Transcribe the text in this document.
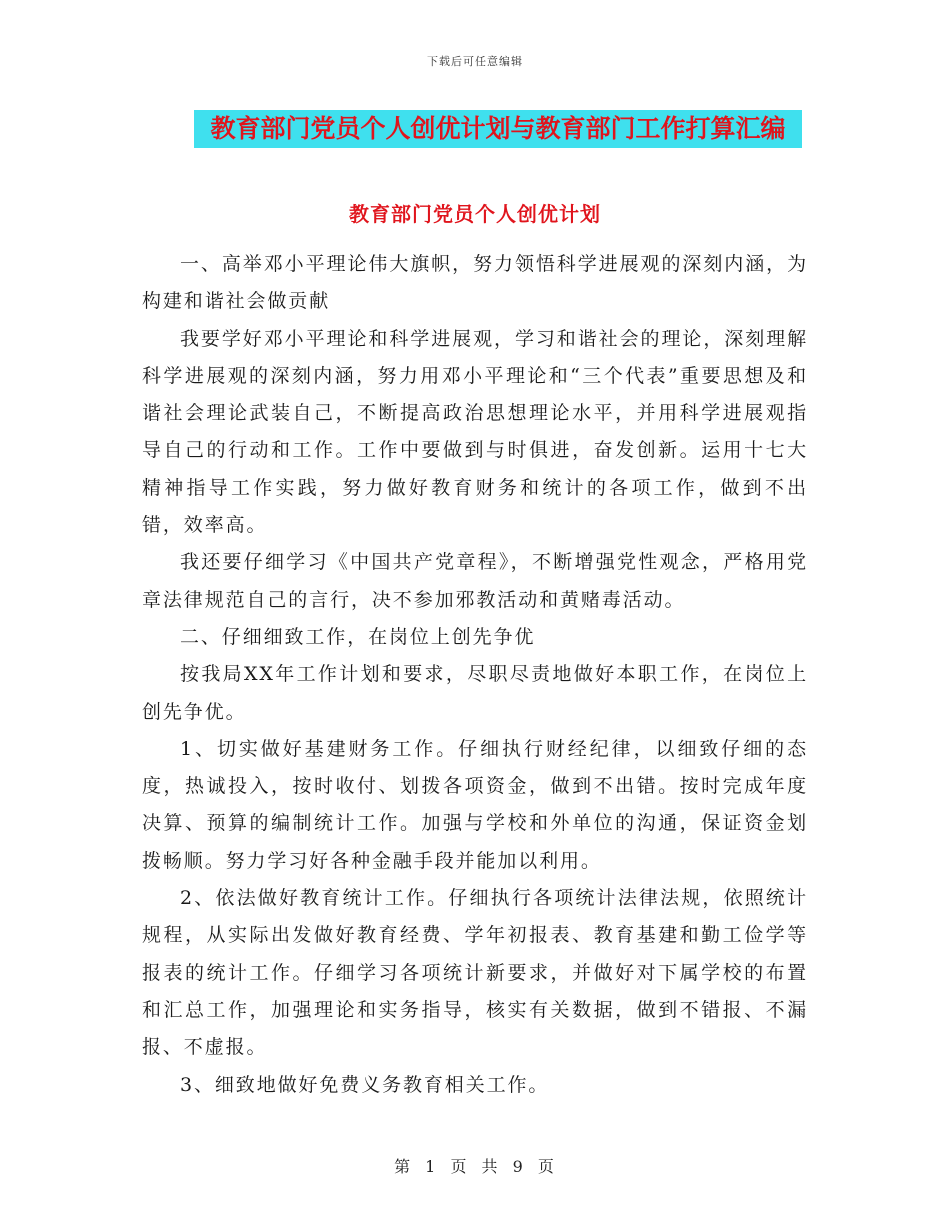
下载后可任意编辑
教育部门党员个人创优计划与教育部门工作打算汇编
教育部门党员个人创优计划

一、高举邓小平理论伟大旗帜，努力领悟科学进展观的深刻内涵，为构建和谐社会做贡献

我要学好邓小平理论和科学进展观，学习和谐社会的理论，深刻理解科学进展观的深刻内涵，努力用邓小平理论和“三个代表”重要思想及和谐社会理论武装自己，不断提高政治思想理论水平，并用科学进展观指导自己的行动和工作。工作中要做到与时俱进，奋发创新。运用十七大精神指导工作实践，努力做好教育财务和统计的各项工作，做到不出错，效率高。

我还要仔细学习《中国共产党章程》，不断增强党性观念，严格用党章法律规范自己的言行，决不参加邪教活动和黄赌毒活动。

二、仔细细致工作，在岗位上创先争优

按我局XX年工作计划和要求，尽职尽责地做好本职工作，在岗位上创先争优。

1、切实做好基建财务工作。仔细执行财经纪律，以细致仔细的态度，热诚投入，按时收付、划拨各项资金，做到不出错。按时完成年度决算、预算的编制统计工作。加强与学校和外单位的沟通，保证资金划拨畅顺。努力学习好各种金融手段并能加以利用。

2、依法做好教育统计工作。仔细执行各项统计法律法规，依照统计规程，从实际出发做好教育经费、学年初报表、教育基建和勤工俭学等报表的统计工作。仔细学习各项统计新要求，并做好对下属学校的布置和汇总工作，加强理论和实务指导，核实有关数据，做到不错报、不漏报、不虚报。

3、细致地做好免费义务教育相关工作。

第 1 页 共 9 页
